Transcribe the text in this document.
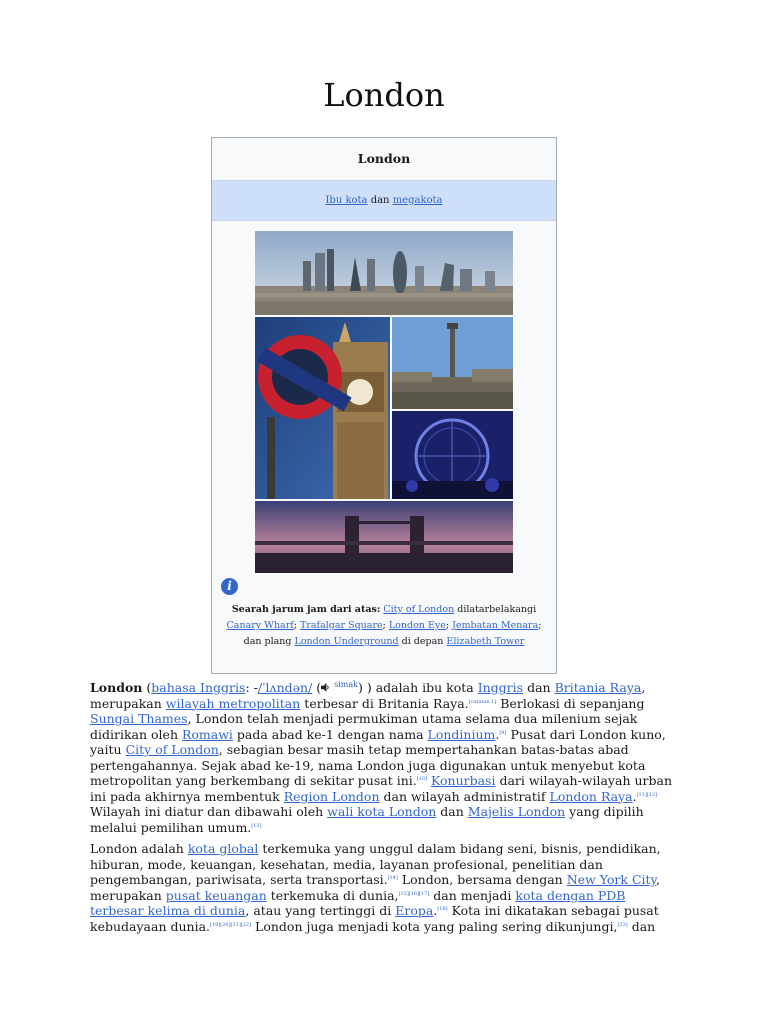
London
London
Ibu kota dan megakota
i
Searah jarum jam dari atas: City of London dilatarbelakangi Canary Wharf; Trafalgar Square; London Eye; Jembatan Menara; dan plang London Underground di depan Elizabeth Tower

London (bahasa Inggris: -/ˈlʌndən/ ( $^{simak}$) ) adalah ibu kota Inggris dan Britania Raya, merupakan wilayah metropolitan terbesar di Britania Raya.[catatan 1] Berlokasi di sepanjang Sungai Thames, London telah menjadi permukiman utama selama dua milenium sejak didirikan oleh Romawi pada abad ke-1 dengan nama Londinium.[9] Pusat dari London kuno, yaitu City of London, sebagian besar masih tetap mempertahankan batas-batas abad pertengahannya. Sejak abad ke-19, nama London juga digunakan untuk menyebut kota metropolitan yang berkembang di sekitar pusat ini.[10] Konurbasi dari wilayah-wilayah urban ini pada akhirnya membentuk Region London dan wilayah administratif London Raya.[11][12] Wilayah ini diatur dan dibawahi oleh wali kota London dan Majelis London yang dipilih melalui pemilihan umum.[13]

London adalah kota global terkemuka yang unggul dalam bidang seni, bisnis, pendidikan, hiburan, mode, keuangan, kesehatan, media, layanan profesional, penelitian dan pengembangan, pariwisata, serta transportasi.[14] London, bersama dengan New York City, merupakan pusat keuangan terkemuka di dunia,[15][16][17] dan menjadi kota dengan PDB terbesar kelima di dunia, atau yang tertinggi di Eropa.[18] Kota ini dikatakan sebagai pusat kebudayaan dunia.[19][20][21][22] London juga menjadi kota yang paling sering dikunjungi,[23] dan
